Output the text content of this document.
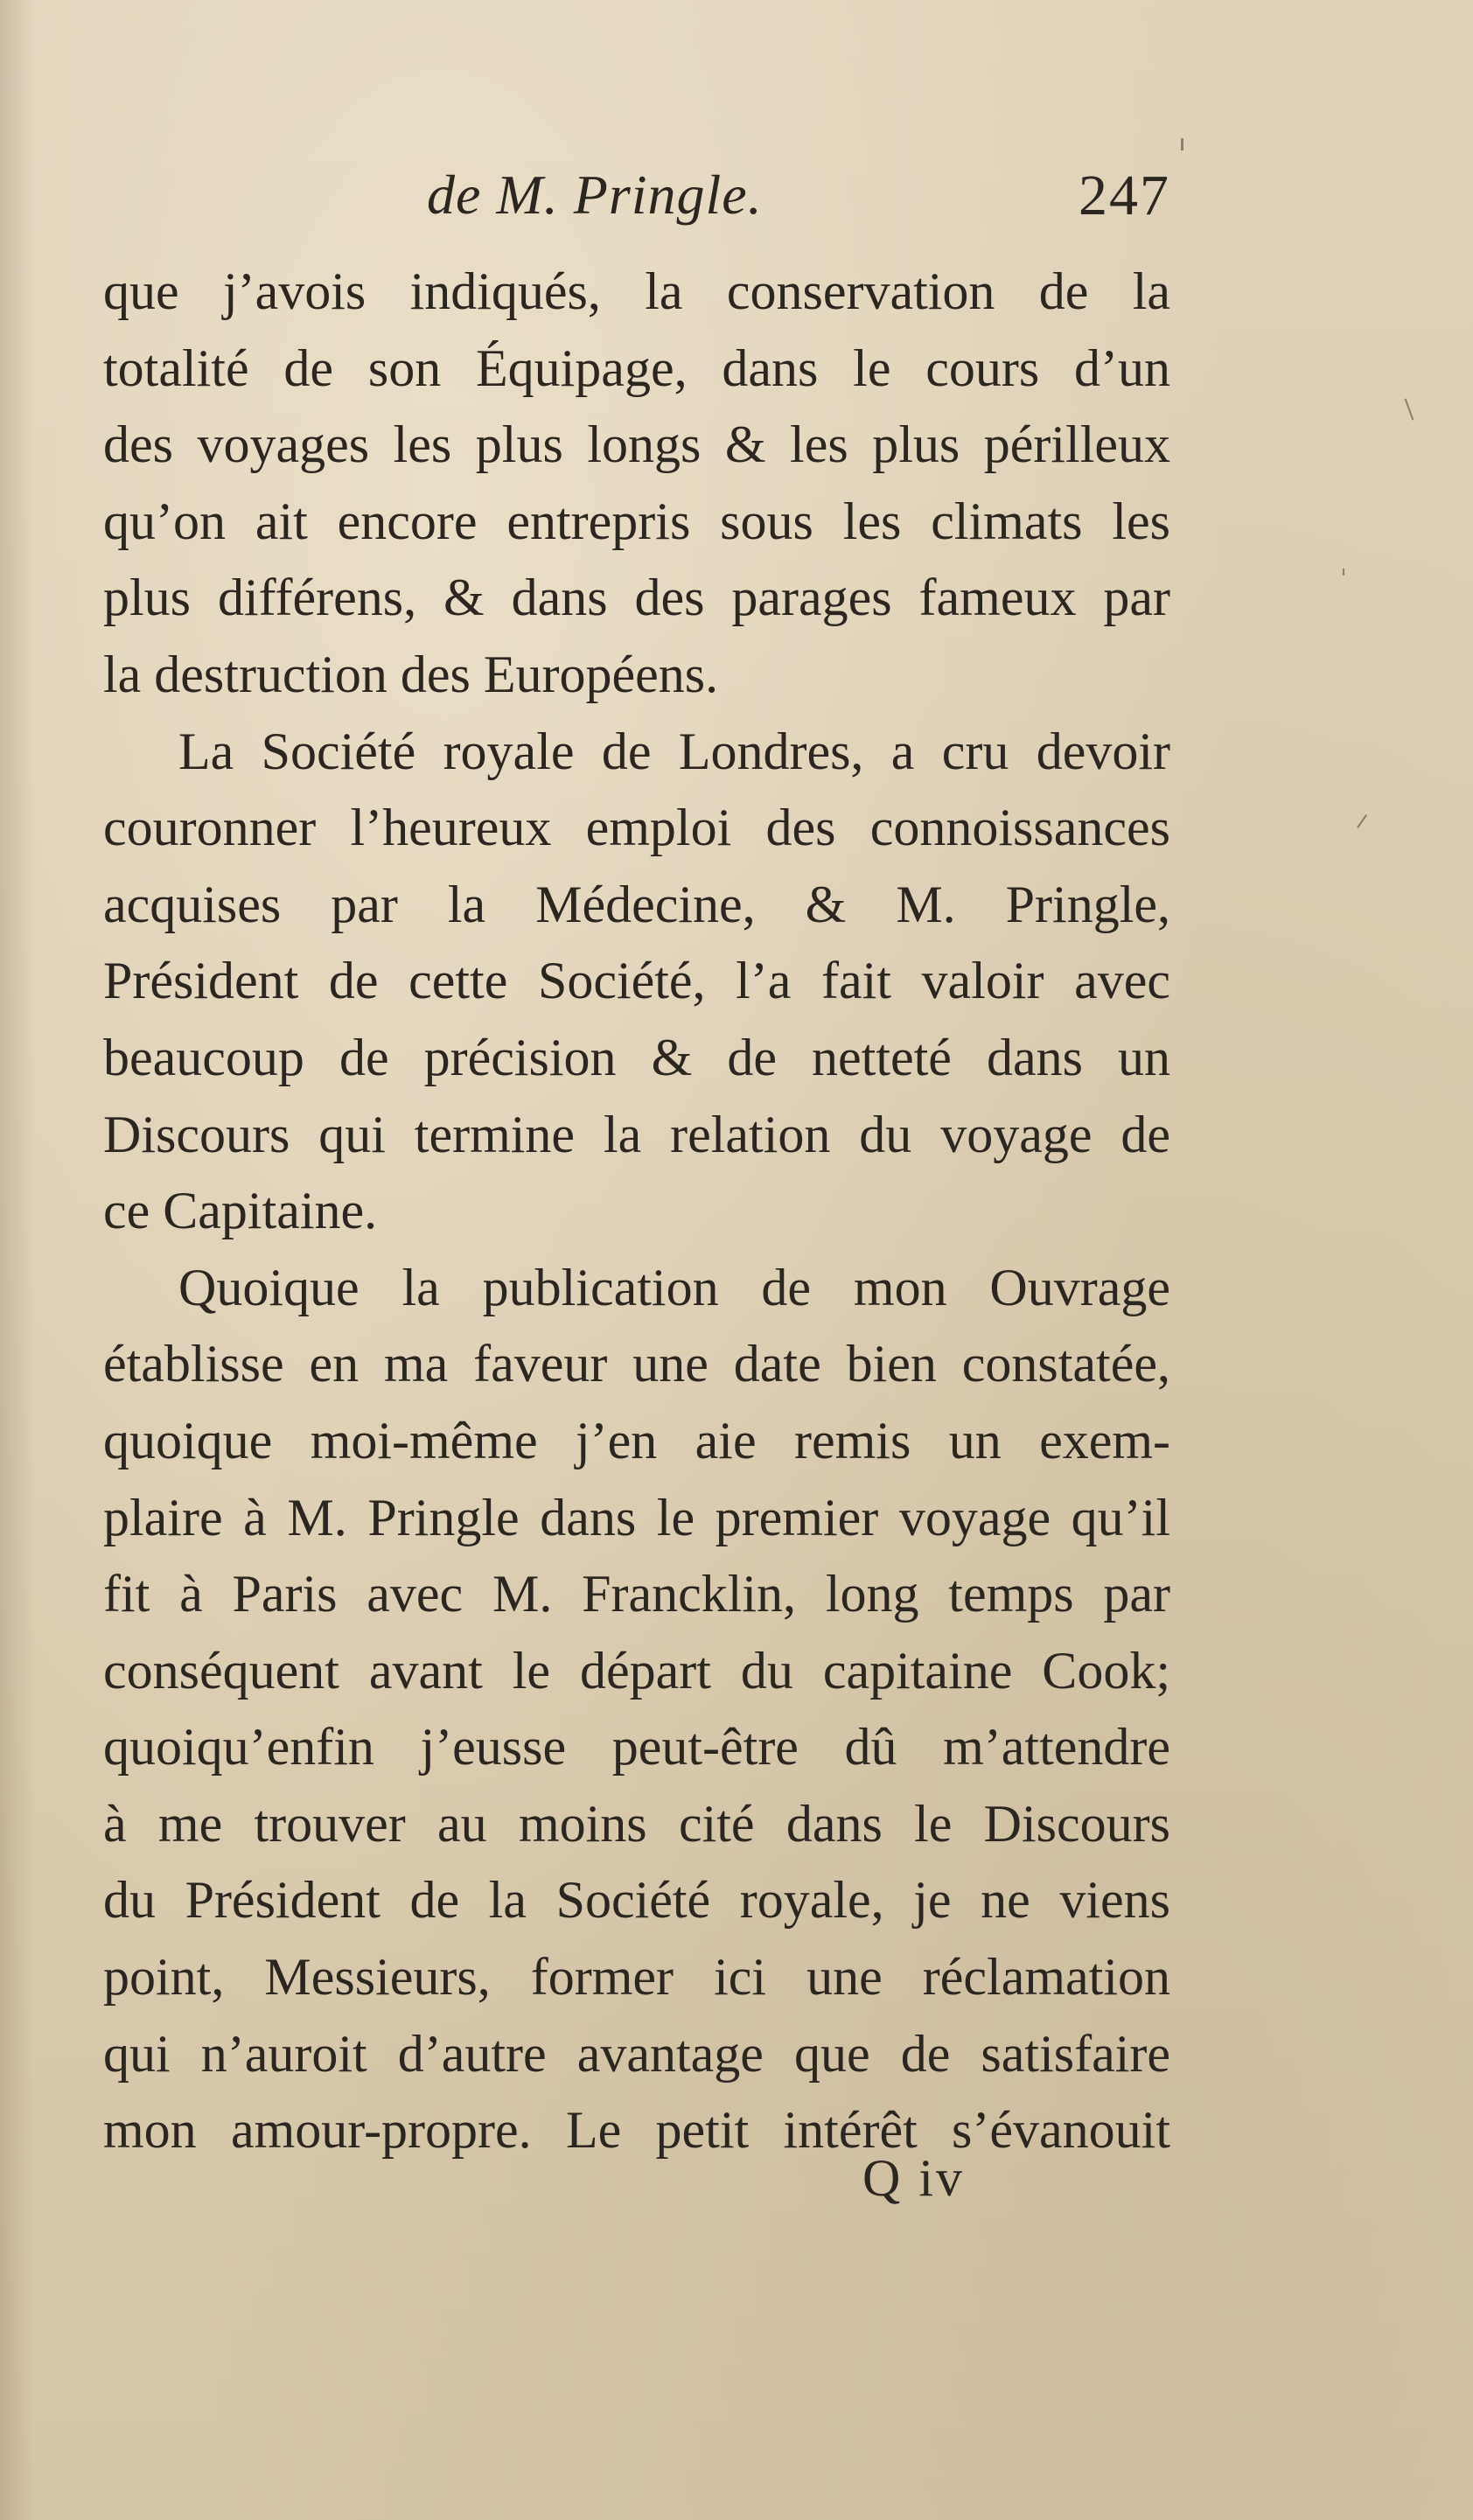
de M. Pringle.	247
que j’avois indiqués, la conservation de la
totalité de son Équipage, dans le cours d’un
des voyages les plus longs & les plus périlleux
qu’on ait encore entrepris sous les climats les
plus différens, & dans des parages fameux par
la destruction des Européens.
La Société royale de Londres, a cru devoir
couronner l’heureux emploi des connoissances
acquises par la Médecine, & M. Pringle,
Président de cette Société, l’a fait valoir avec
beaucoup de précision & de netteté dans un
Discours qui termine la relation du voyage de
ce Capitaine.
Quoique la publication de mon Ouvrage
établisse en ma faveur une date bien constatée,
quoique moi-même j’en aie remis un exem-
plaire à M. Pringle dans le premier voyage qu’il
fit à Paris avec M. Francklin, long temps par
conséquent avant le départ du capitaine Cook;
quoiqu’enfin j’eusse peut-être dû m’attendre
à me trouver au moins cité dans le Discours
du Président de la Société royale, je ne viens
point, Messieurs, former ici une réclamation
qui n’auroit d’autre avantage que de satisfaire
mon amour-propre. Le petit intérêt s’évanouit
Q iv
